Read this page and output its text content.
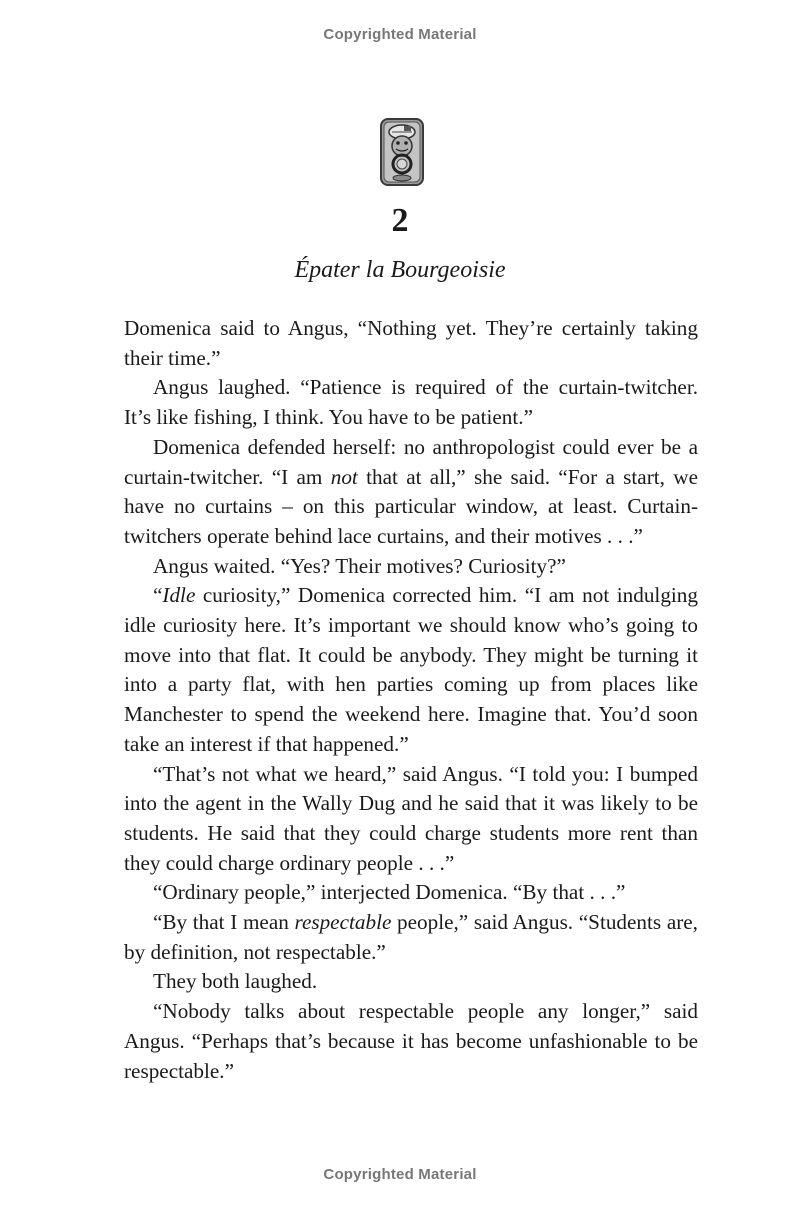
Copyrighted Material
2
Épater la Bourgeoisie

Domenica said to Angus, “Nothing yet. They’re certainly taking their time.”

Angus laughed. “Patience is required of the curtain-twitcher. It’s like fishing, I think. You have to be patient.”

Domenica defended herself: no anthropologist could ever be a curtain-twitcher. “I am not that at all,” she said. “For a start, we have no curtains – on this particular window, at least. Curtain-twitchers operate behind lace curtains, and their motives . . .”

Angus waited. “Yes? Their motives? Curiosity?”

“Idle curiosity,” Domenica corrected him. “I am not indulging idle curiosity here. It’s important we should know who’s going to move into that flat. It could be anybody. They might be turning it into a party flat, with hen parties coming up from places like Manchester to spend the weekend here. Imagine that. You’d soon take an interest if that happened.”

“That’s not what we heard,” said Angus. “I told you: I bumped into the agent in the Wally Dug and he said that it was likely to be students. He said that they could charge students more rent than they could charge ordinary people . . .”

“Ordinary people,” interjected Domenica. “By that . . .”

“By that I mean respectable people,” said Angus. “Students are, by definition, not respectable.”

They both laughed.

“Nobody talks about respectable people any longer,” said Angus. “Perhaps that’s because it has become unfashionable to be respectable.”

Copyrighted Material
